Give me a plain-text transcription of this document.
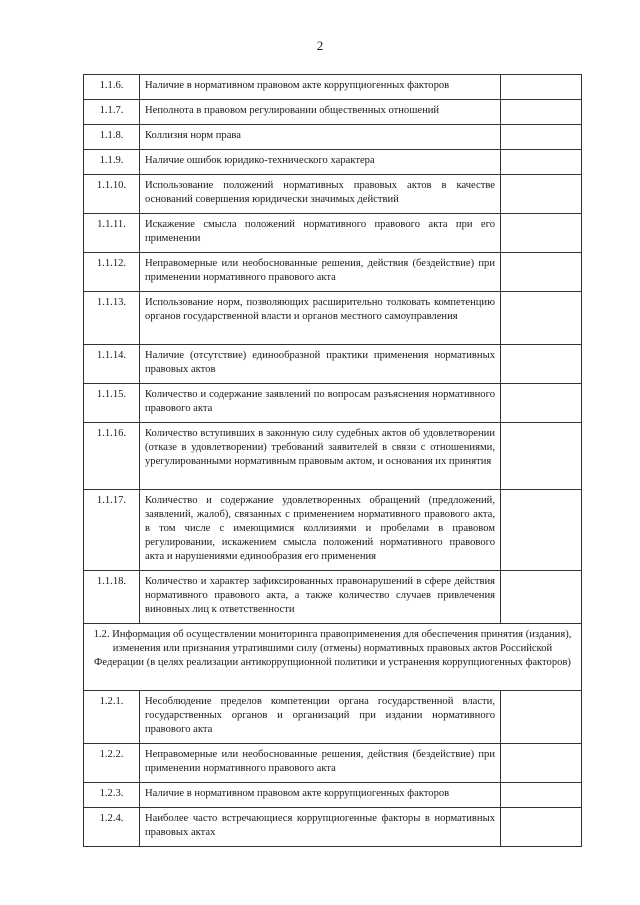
2
1.1.6.	Наличие в нормативном правовом акте коррупциогенных факторов	
1.1.7.	Неполнота в правовом регулировании общественных отношений	
1.1.8.	Коллизия норм права	
1.1.9.	Наличие ошибок юридико-технического характера	
1.1.10.	Использование положений нормативных правовых актов в качестве оснований совершения юридически значимых действий	
1.1.11.	Искажение смысла положений нормативного правового акта при его применении	
1.1.12.	Неправомерные или необоснованные решения, действия (бездействие) при применении нормативного правового акта	
1.1.13.	Использование норм, позволяющих расширительно толковать компетенцию органов государственной власти и органов местного самоуправления	
1.1.14.	Наличие (отсутствие) единообразной практики применения нормативных правовых актов	
1.1.15.	Количество и содержание заявлений по вопросам разъяснения нормативного правового акта	
1.1.16.	Количество вступивших в законную силу судебных актов об удовлетворении (отказе в удовлетворении) требований заявителей в связи с отношениями, урегулированными нормативным правовым актом, и основания их принятия	
1.1.17.	Количество и содержание удовлетворенных обращений (предложений, заявлений, жалоб), связанных с применением нормативного правового акта, в том числе с имеющимися коллизиями и пробелами в правовом регулировании, искажением смысла положений нормативного правового акта и нарушениями единообразия его применения	
1.1.18.	Количество и характер зафиксированных правонарушений в сфере действия нормативного правового акта, а также количество случаев привлечения виновных лиц к ответственности	
1.2. Информация об осуществлении мониторинга правоприменения для обеспечения принятия (издания), изменения или признания утратившими силу (отмены) нормативных правовых актов Российской Федерации (в целях реализации антикоррупционной политики и устранения коррупциогенных факторов)		
1.2.1.	Несоблюдение пределов компетенции органа государственной власти, государственных органов и организаций при издании нормативного правового акта	
1.2.2.	Неправомерные или необоснованные решения, действия (бездействие) при применении нормативного правового акта	
1.2.3.	Наличие в нормативном правовом акте коррупциогенных факторов	
1.2.4.	Наиболее часто встречающиеся коррупциогенные факторы в нормативных правовых актах	
